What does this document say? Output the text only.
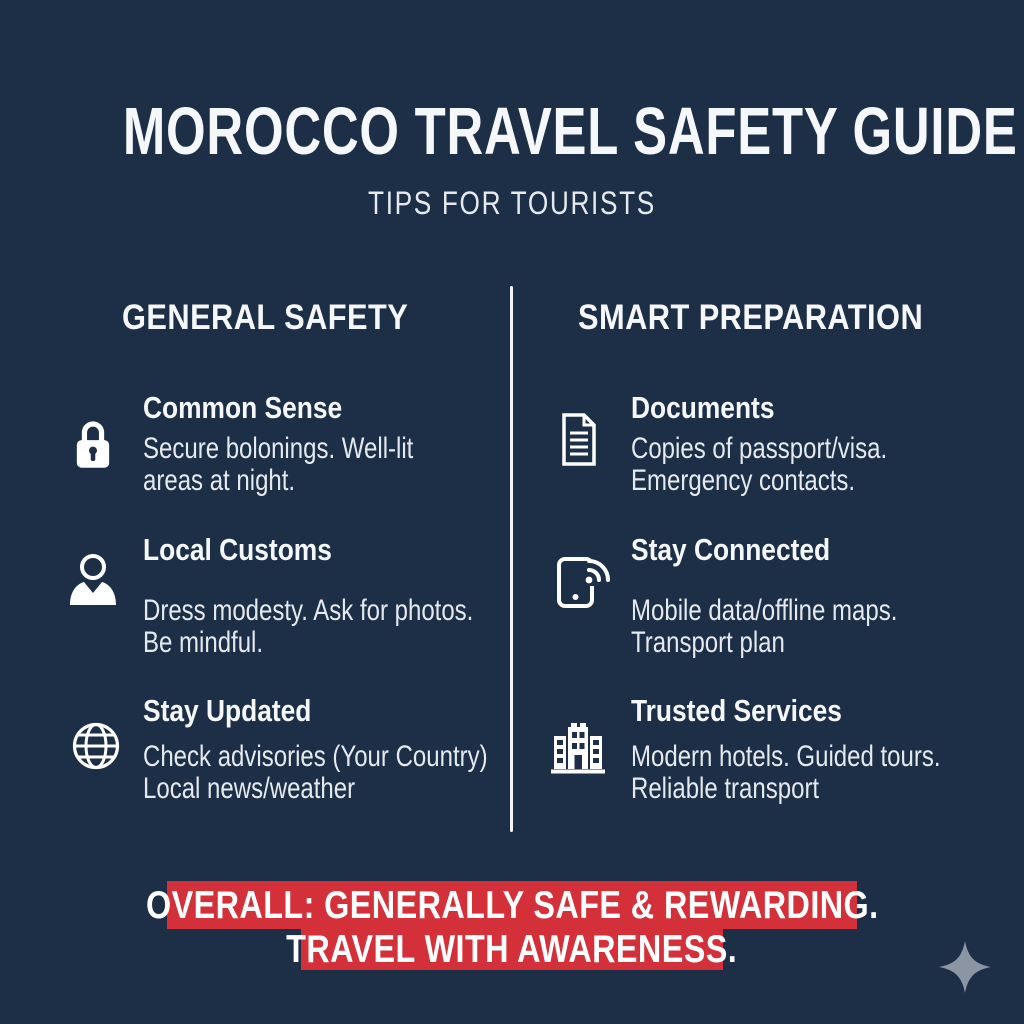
MOROCCO TRAVEL SAFETY GUIDE
TIPS FOR TOURISTS
GENERAL SAFETY	SMART PREPARATION
Common Sense
Secure bolonings. Well-lit
areas at night.
Local Customs
Dress modesty. Ask for photos.
Be mindful.
Stay Updated
Check advisories (Your Country)
Local news/weather
Documents
Copies of passport/visa.
Emergency contacts.
Stay Connected
Mobile data/offline maps.
Transport plan
Trusted Services
Modern hotels. Guided tours.
Reliable transport
OVERALL: GENERALLY SAFE & REWARDING.
TRAVEL WITH AWARENESS.
